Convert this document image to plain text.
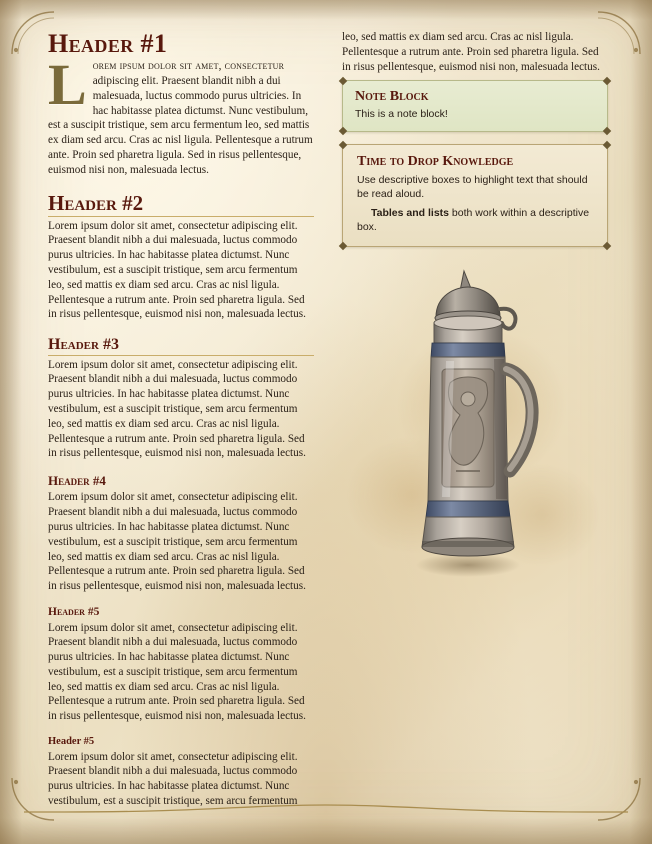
Header #1
L orem ipsum dolor sit amet, consectetur adipiscing elit. Praesent blandit nibh a dui malesuada, luctus commodo purus ultricies. In hac habitasse platea dictumst. Nunc vestibulum, est a suscipit tristique, sem arcu fermentum leo, sed mattis ex diam sed arcu. Cras ac nisl ligula. Pellentesque a rutrum ante. Proin sed pharetra ligula. Sed in risus pellentesque, euismod nisi non, malesuada lectus.

Header #2

Lorem ipsum dolor sit amet, consectetur adipiscing elit. Praesent blandit nibh a dui malesuada, luctus commodo purus ultricies. In hac habitasse platea dictumst. Nunc vestibulum, est a suscipit tristique, sem arcu fermentum leo, sed mattis ex diam sed arcu. Cras ac nisl ligula. Pellentesque a rutrum ante. Proin sed pharetra ligula. Sed in risus pellentesque, euismod nisi non, malesuada lectus.

Header #3

Lorem ipsum dolor sit amet, consectetur adipiscing elit. Praesent blandit nibh a dui malesuada, luctus commodo purus ultricies. In hac habitasse platea dictumst. Nunc vestibulum, est a suscipit tristique, sem arcu fermentum leo, sed mattis ex diam sed arcu. Cras ac nisl ligula. Pellentesque a rutrum ante. Proin sed pharetra ligula. Sed in risus pellentesque, euismod nisi non, malesuada lectus.

Header #4

Lorem ipsum dolor sit amet, consectetur adipiscing elit. Praesent blandit nibh a dui malesuada, luctus commodo purus ultricies. In hac habitasse platea dictumst. Nunc vestibulum, est a suscipit tristique, sem arcu fermentum leo, sed mattis ex diam sed arcu. Cras ac nisl ligula. Pellentesque a rutrum ante. Proin sed pharetra ligula. Sed in risus pellentesque, euismod nisi non, malesuada lectus.

Header #5

Lorem ipsum dolor sit amet, consectetur adipiscing elit. Praesent blandit nibh a dui malesuada, luctus commodo purus ultricies. In hac habitasse platea dictumst. Nunc vestibulum, est a suscipit tristique, sem arcu fermentum leo, sed mattis ex diam sed arcu. Cras ac nisl ligula. Pellentesque a rutrum ante. Proin sed pharetra ligula. Sed in risus pellentesque, euismod nisi non, malesuada lectus.

Header #5

Lorem ipsum dolor sit amet, consectetur adipiscing elit. Praesent blandit nibh a dui malesuada, luctus commodo purus ultricies. In hac habitasse platea dictumst. Nunc vestibulum, est a suscipit tristique, sem arcu fermentum

leo, sed mattis ex diam sed arcu. Cras ac nisl ligula. Pellentesque a rutrum ante. Proin sed pharetra ligula. Sed in risus pellentesque, euismod nisi non, malesuada lectus.

Note Block

This is a note block!

Time to Drop Knowledge

Use descriptive boxes to highlight text that should be read aloud.

Tables and lists both work within a descriptive box.
